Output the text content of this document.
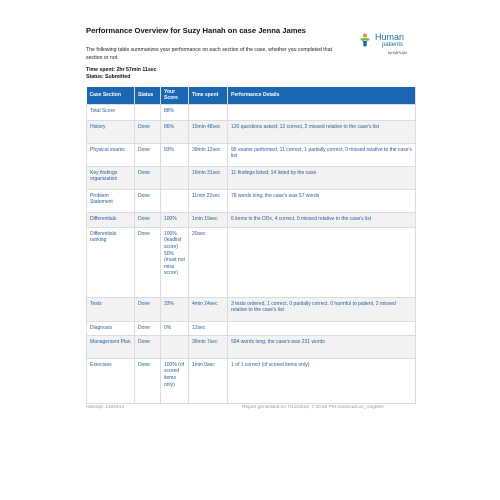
Performance Overview for Suzy Hanah on case Jenna James
The following table summarizes your performance on each section of the case, whether you completed that section or not.
Time spent: 2hr 57min 11sec
Status: Submitted
Human
patients
by KAPLAN
Case Section	Status	Your Score	Time spent	Performance Details
Total Score		88%		
History	Done	86%	15min 48sec	120 questions asked; 12 correct, 2 missed relative to the case's list
Physical exams	Done	93%	39min 12sec	95 exams performed, 11 correct, 1 partially correct, 0 missed relative to the case's list
Key findings organization	Done		16min 31sec	11 findings listed; 14 listed by the case
Problem Statement	Done		11min 22sec	78 words long; the case's was 57 words
Differentials	Done	100%	1min 19sec	6 items in the DDx, 4 correct, 0 missed relative to the case's list
Differentials ranking	Done	100% (leadlist score) 50% (must not miss score)	20sec	
Tests	Done	33%	4min 24sec	3 tests ordered, 1 correct, 0 partially correct, 0 harmful to patient, 2 missed relative to the case's list
Diagnosis	Done	0%	12sec	
Management Plan	Done		36min 7sec	594 words long; the case's was 231 words
Exercises	Done	100% (of scored items only)	1min 0sec	1 of 1 correct (of scored items only)
Attempt: 2198444	Report generated on 7/13/2024, 7:30:45 PM America/Los_Angeles
